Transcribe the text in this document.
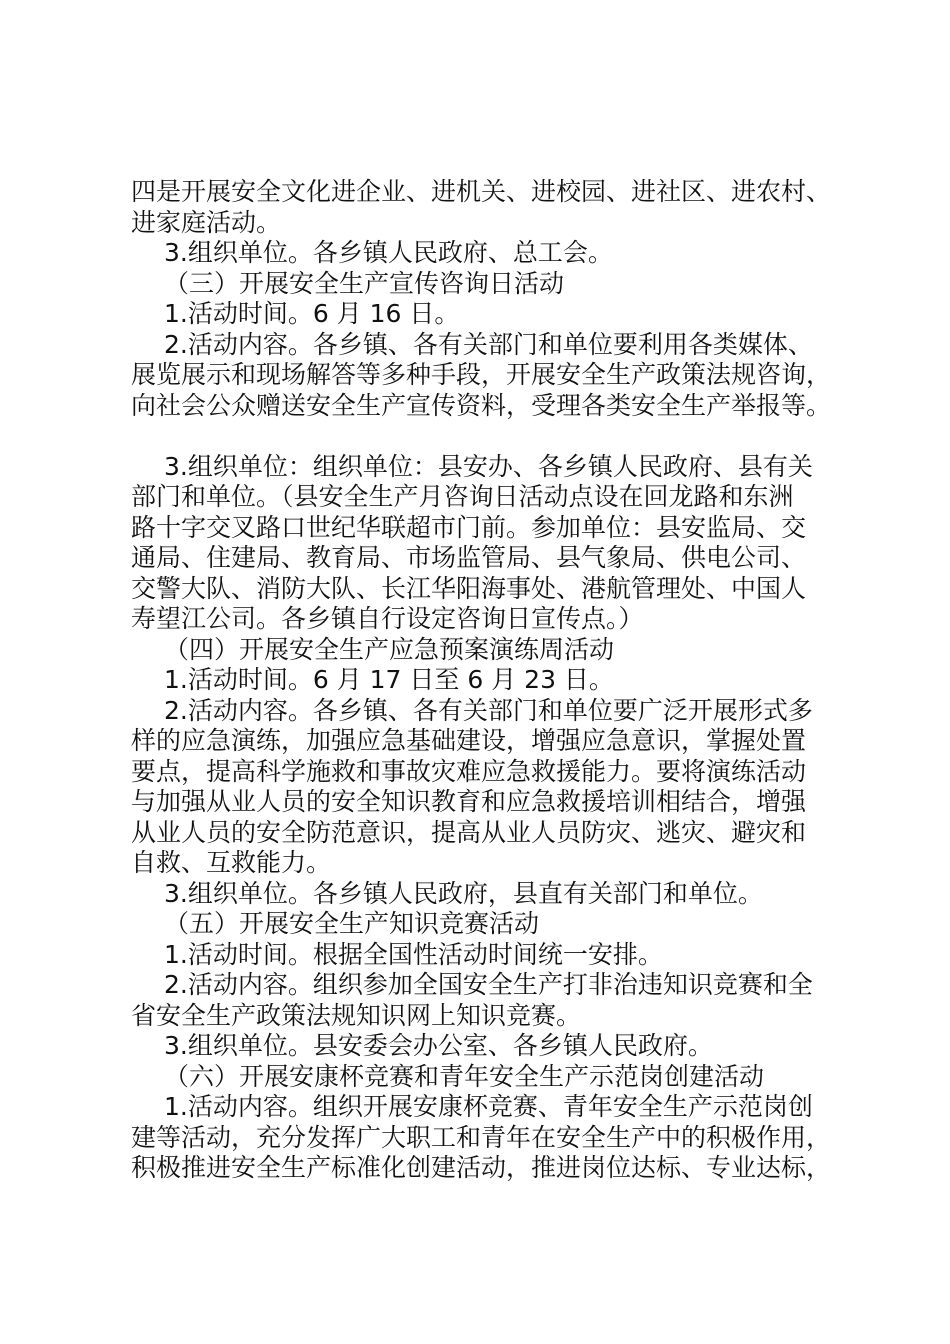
四是开展安全文化进企业、进机关、进校园、进社区、进农村、
进家庭活动。
3.组织单位。各乡镇人民政府、总工会。
（三）开展安全生产宣传咨询日活动
1.活动时间。6 月 16 日。
2.活动内容。各乡镇、各有关部门和单位要利用各类媒体、
展览展示和现场解答等多种手段，开展安全生产政策法规咨询，
向社会公众赠送安全生产宣传资料，受理各类安全生产举报等。
3.组织单位：组织单位：县安办、各乡镇人民政府、县有关
部门和单位。（县安全生产月咨询日活动点设在回龙路和东洲
路十字交叉路口世纪华联超市门前。参加单位：县安监局、交
通局、住建局、教育局、市场监管局、县气象局、供电公司、
交警大队、消防大队、长江华阳海事处、港航管理处、中国人
寿望江公司。各乡镇自行设定咨询日宣传点。）
（四）开展安全生产应急预案演练周活动
1.活动时间。6 月 17 日至 6 月 23 日。
2.活动内容。各乡镇、各有关部门和单位要广泛开展形式多
样的应急演练，加强应急基础建设，增强应急意识，掌握处置
要点，提高科学施救和事故灾难应急救援能力。要将演练活动
与加强从业人员的安全知识教育和应急救援培训相结合，增强
从业人员的安全防范意识，提高从业人员防灾、逃灾、避灾和
自救、互救能力。
3.组织单位。各乡镇人民政府，县直有关部门和单位。
（五）开展安全生产知识竞赛活动
1.活动时间。根据全国性活动时间统一安排。
2.活动内容。组织参加全国安全生产打非治违知识竞赛和全
省安全生产政策法规知识网上知识竞赛。
3.组织单位。县安委会办公室、各乡镇人民政府。
（六）开展安康杯竞赛和青年安全生产示范岗创建活动
1.活动内容。组织开展安康杯竞赛、青年安全生产示范岗创
建等活动，充分发挥广大职工和青年在安全生产中的积极作用，
积极推进安全生产标准化创建活动，推进岗位达标、专业达标，
